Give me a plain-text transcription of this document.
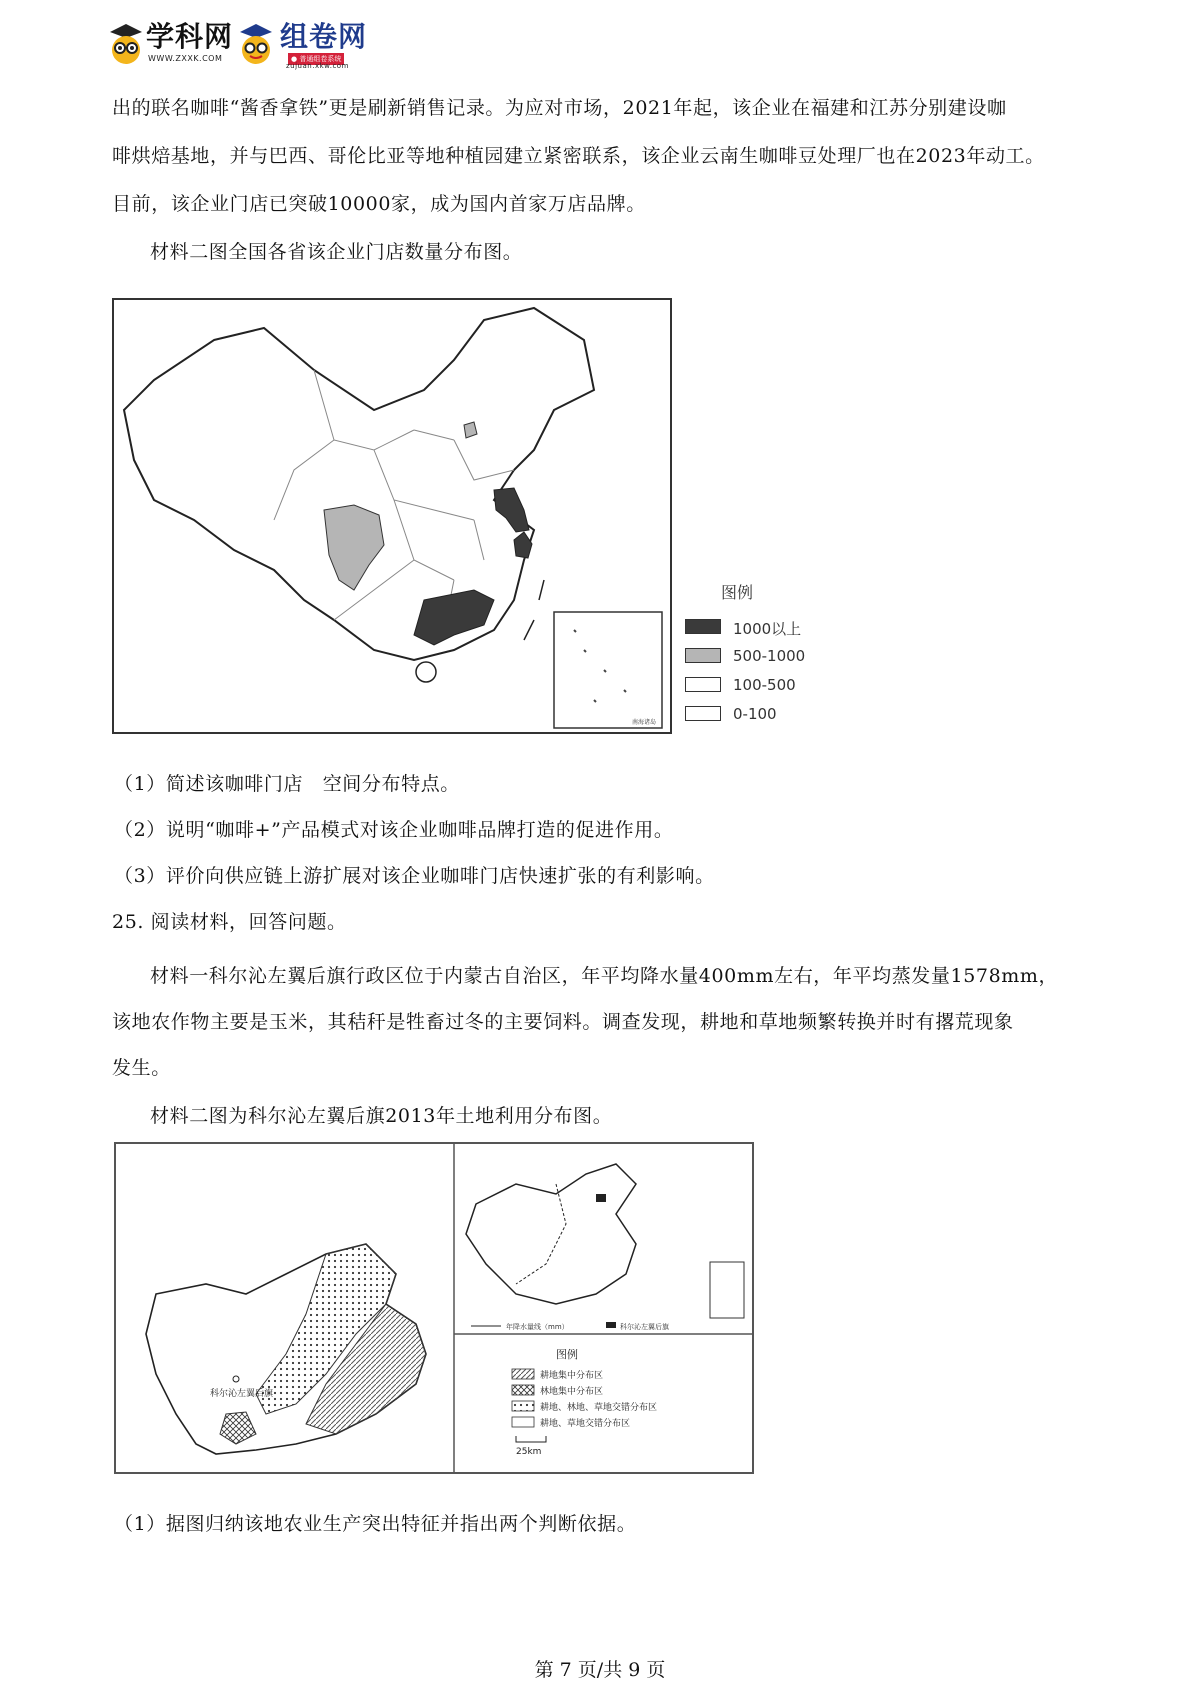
学科网
WWW.ZXXK.COM
组卷网
● 普通组卷系统
zujuan.xkw.com
出的联名咖啡“酱香拿铁”更是刷新销售记录。为应对市场，2021年起，该企业在福建和江苏分别建设咖
啡烘焙基地，并与巴西、哥伦比亚等地种植园建立紧密联系，该企业云南生咖啡豆处理厂也在2023年动工。
目前，该企业门店已突破10000家，成为国内首家万店品牌。
材料二图全国各省该企业门店数量分布图。
南海诸岛
图例
1000以上
500-1000
100-500
0-100
（1）简述该咖啡门店　空间分布特点。
（2）说明“咖啡+”产品模式对该企业咖啡品牌打造的促进作用。
（3）评价向供应链上游扩展对该企业咖啡门店快速扩张的有利影响。
25. 阅读材料，回答问题。
材料一科尔沁左翼后旗行政区位于内蒙古自治区，年平均降水量400mm左右，年平均蒸发量1578mm，
该地农作物主要是玉米，其秸秆是牲畜过冬的主要饲料。调查发现，耕地和草地频繁转换并时有撂荒现象
发生。
材料二图为科尔沁左翼后旗2013年土地利用分布图。
科尔沁左翼后旗
年降水量线（mm）	科尔沁左翼后旗
图例
耕地集中分布区
林地集中分布区
耕地、林地、草地交错分布区
耕地、草地交错分布区
25km
（1）据图归纳该地农业生产突出特征并指出两个判断依据。
第 7 页/共 9 页
